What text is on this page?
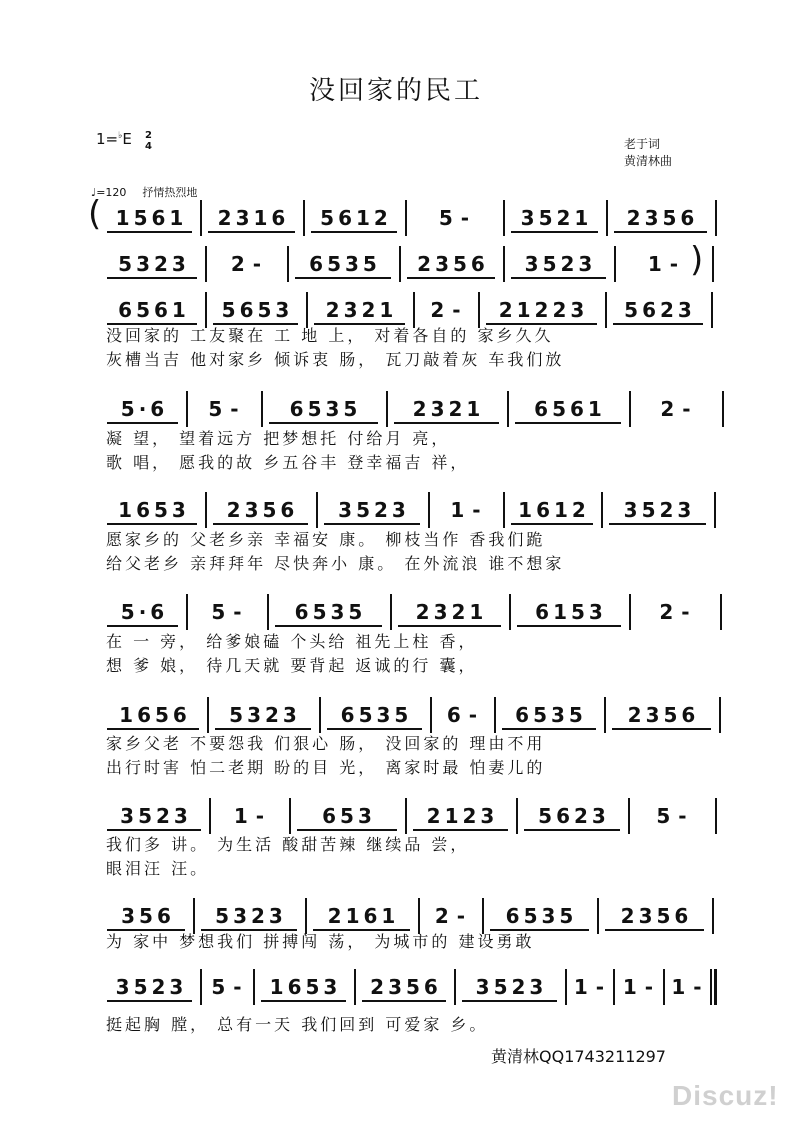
没回家的民工
1=♭E 2
4	老于词
黄清林曲
♩=120 抒情热烈地
1 5 6 1	2 3 1 6	5 6 1 2	5  -	3 5 2 1	2 3 5 6
(
5 3 2 3	2  -	6 5 3 5	2 3 5 6	3 5 2 3	1  - )
6 5 6 1	5 6 5 3	2 3 2 1	2  -	2 1 2 2 3	5 6 2 3
没回家的 工友聚在 工 地 上， 对着各自的 家乡久久
灰槽当吉 他对家乡 倾诉衷 肠， 瓦刀敲着灰 车我们放
5 · 6	5  -	6 5 3 5	2 3 2 1	6 5 6 1	2  -
凝 望， 望着远方 把梦想托 付给月 亮，
歌 唱， 愿我的故 乡五谷丰 登幸福吉 祥，
1 6 5 3	2 3 5 6	3 5 2 3	1  -	1 6 1 2	3 5 2 3
愿家乡的 父老乡亲 幸福安 康。 柳枝当作 香我们跪
给父老乡 亲拜拜年 尽快奔小 康。 在外流浪 谁不想家
5 · 6	5  -	6 5 3 5	2 3 2 1	6 1 5 3	2  -
在 一 旁， 给爹娘磕 个头给 祖先上柱 香，
想 爹 娘， 待几天就 要背起 返诚的行 囊，
1 6 5 6	5 3 2 3	6 5 3 5	6  -	6 5 3 5	2 3 5 6
家乡父老 不要怨我 们狠心 肠， 没回家的 理由不用
出行时害 怕二老期 盼的目 光， 离家时最 怕妻儿的
3 5 2 3	1  -	6 5 3	2 1 2 3	5 6 2 3	5  -
我们多 讲。 为生活 酸甜苦辣 继续品 尝，
眼泪汪 汪。
3 5 6	5 3 2 3	2 1 6 1	2  -	6 5 3 5	2 3 5 6
为 家中 梦想我们 拼搏闯 荡， 为城市的 建设勇敢
3 5 2 3	5  -	1 6 5 3	2 3 5 6	3 5 2 3	1  - 1  - 1  -
挺起胸 膛， 总有一天 我们回到 可爱家 乡。
黄清林QQ1743211297
Discuz!
